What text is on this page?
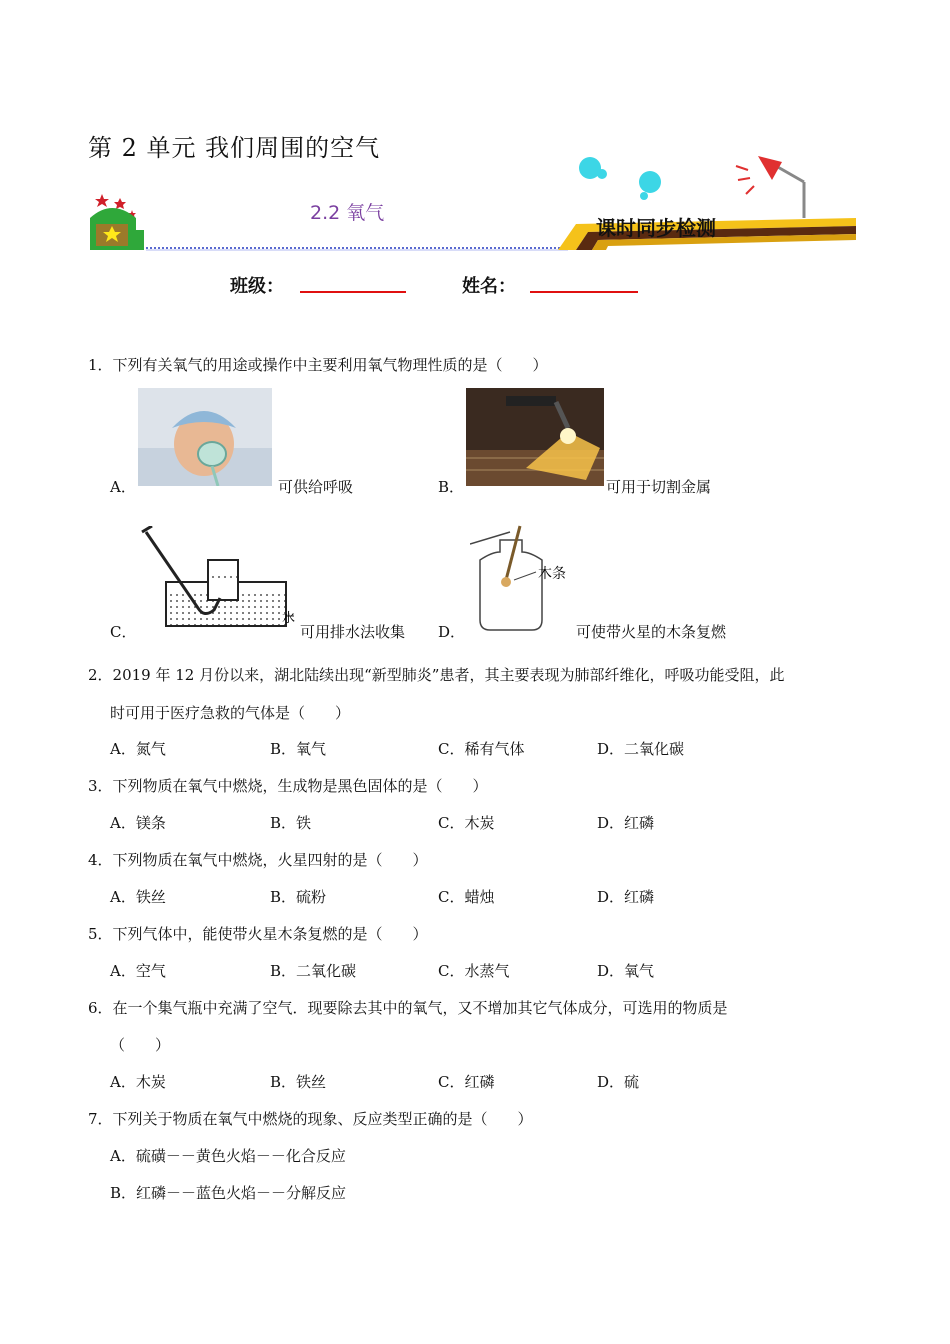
第 2 单元 我们周围的空气
2.2 氧气
课时同步检测
班级：	姓名：
1．下列有关氧气的用途或操作中主要利用氧气物理性质的是（　　）
A．	可供给呼吸	B．	可用于切割金属
C．
水
可用排水法收集 D．
木条
可使带火星的木条复燃
2．2019 年 12 月份以来，湖北陆续出现“新型肺炎”患者，其主要表现为肺部纤维化，呼吸功能受阻，此
时可用于医疗急救的气体是（　　）
A．氮气	B．氧气	C．稀有气体	D．二氧化碳
3．下列物质在氧气中燃烧，生成物是黑色固体的是（　　）
A．镁条	B．铁	C．木炭	D．红磷
4．下列物质在氧气中燃烧，火星四射的是（　　）
A．铁丝	B．硫粉	C．蜡烛	D．红磷
5．下列气体中，能使带火星木条复燃的是（　　）
A．空气	B．二氧化碳	C．水蒸气	D．氧气
6．在一个集气瓶中充满了空气．现要除去其中的氧气，又不增加其它气体成分，可选用的物质是
（　　）
A．木炭	B．铁丝	C．红磷	D．硫
7．下列关于物质在氧气中燃烧的现象、反应类型正确的是（　　）
A．硫磺－－黄色火焰－－化合反应
B．红磷－－蓝色火焰－－分解反应
